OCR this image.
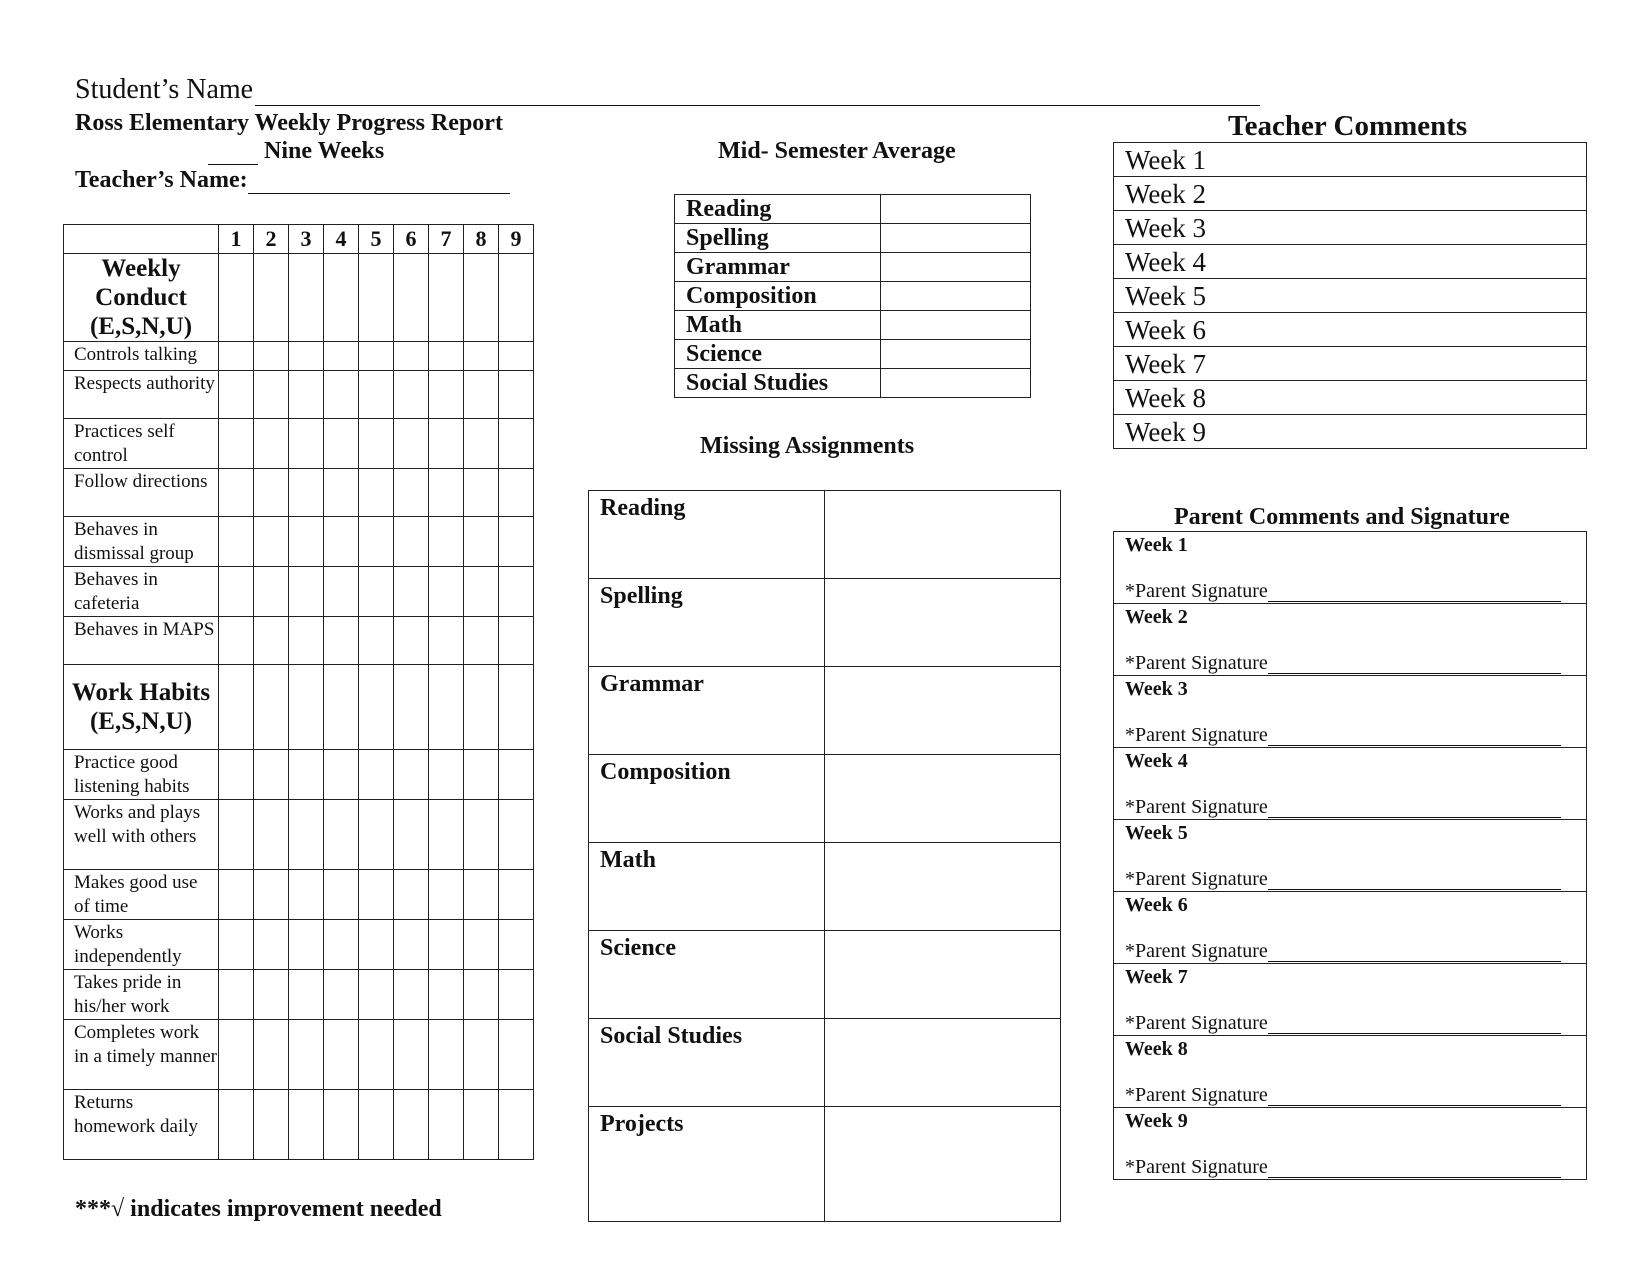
Student’s Name
Ross Elementary Weekly Progress Report
Nine Weeks
Teacher’s Name:
	1	2	3	4	5	6	7	8	9
Weekly Conduct (E,S,N,U)									
Controls talking									
Respects authority									
Practices self control									
Follow directions									
Behaves in dismissal group									
Behaves in cafeteria									
Behaves in MAPS									
Work Habits (E,S,N,U)									
Practice good listening habits									
Works and plays well with others									
Makes good use of time									
Works independently									
Takes pride in his/her work									
Completes work in a timely manner									
Returns homework daily									
***√ indicates improvement needed
Mid- Semester Average
Reading	
Spelling	
Grammar	
Composition	
Math	
Science	
Social Studies	
Missing Assignments
Reading	
Spelling	
Grammar	
Composition	
Math	
Science	
Social Studies	
Projects	
Teacher Comments
Week 1
Week 2
Week 3
Week 4
Week 5
Week 6
Week 7
Week 8
Week 9
Parent Comments and Signature
Week 1
*Parent Signature

Week 2
*Parent Signature

Week 3
*Parent Signature

Week 4
*Parent Signature

Week 5
*Parent Signature

Week 6
*Parent Signature

Week 7
*Parent Signature

Week 8
*Parent Signature

Week 9
*Parent Signature
